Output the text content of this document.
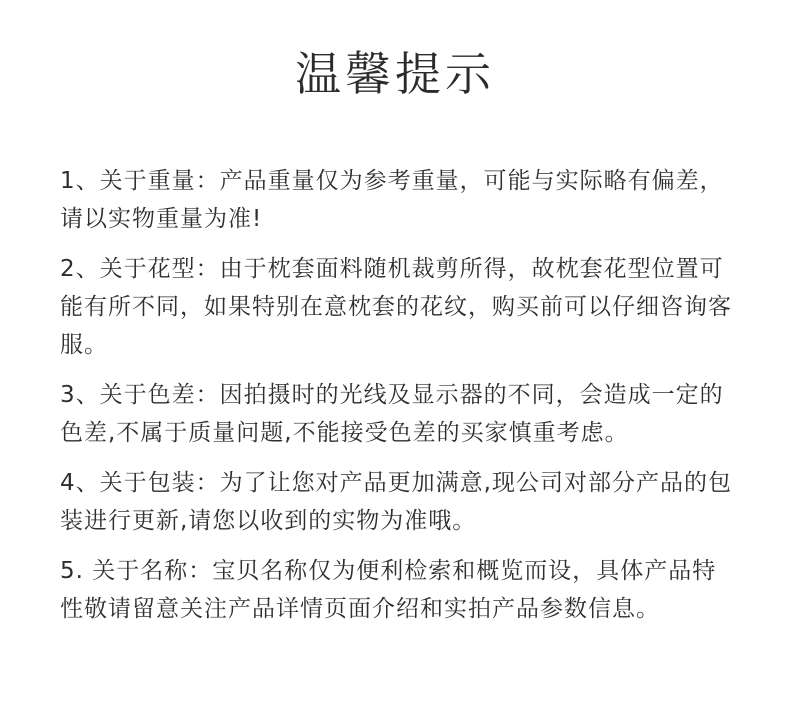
温馨提示
1、关于重量：产品重量仅为参考重量，可能与实际略有偏差，请以实物重量为准!
2、关于花型：由于枕套面料随机裁剪所得，故枕套花型位置可能有所不同，如果特别在意枕套的花纹，购买前可以仔细咨询客服。
3、关于色差：因拍摄时的光线及显示器的不同，会造成一定的色差,不属于质量问题,不能接受色差的买家慎重考虑。
4、关于包装：为了让您对产品更加满意,现公司对部分产品的包装进行更新,请您以收到的实物为准哦。
5. 关于名称：宝贝名称仅为便利检索和概览而设，具体产品特性敬请留意关注产品详情页面介绍和实拍产品参数信息。
